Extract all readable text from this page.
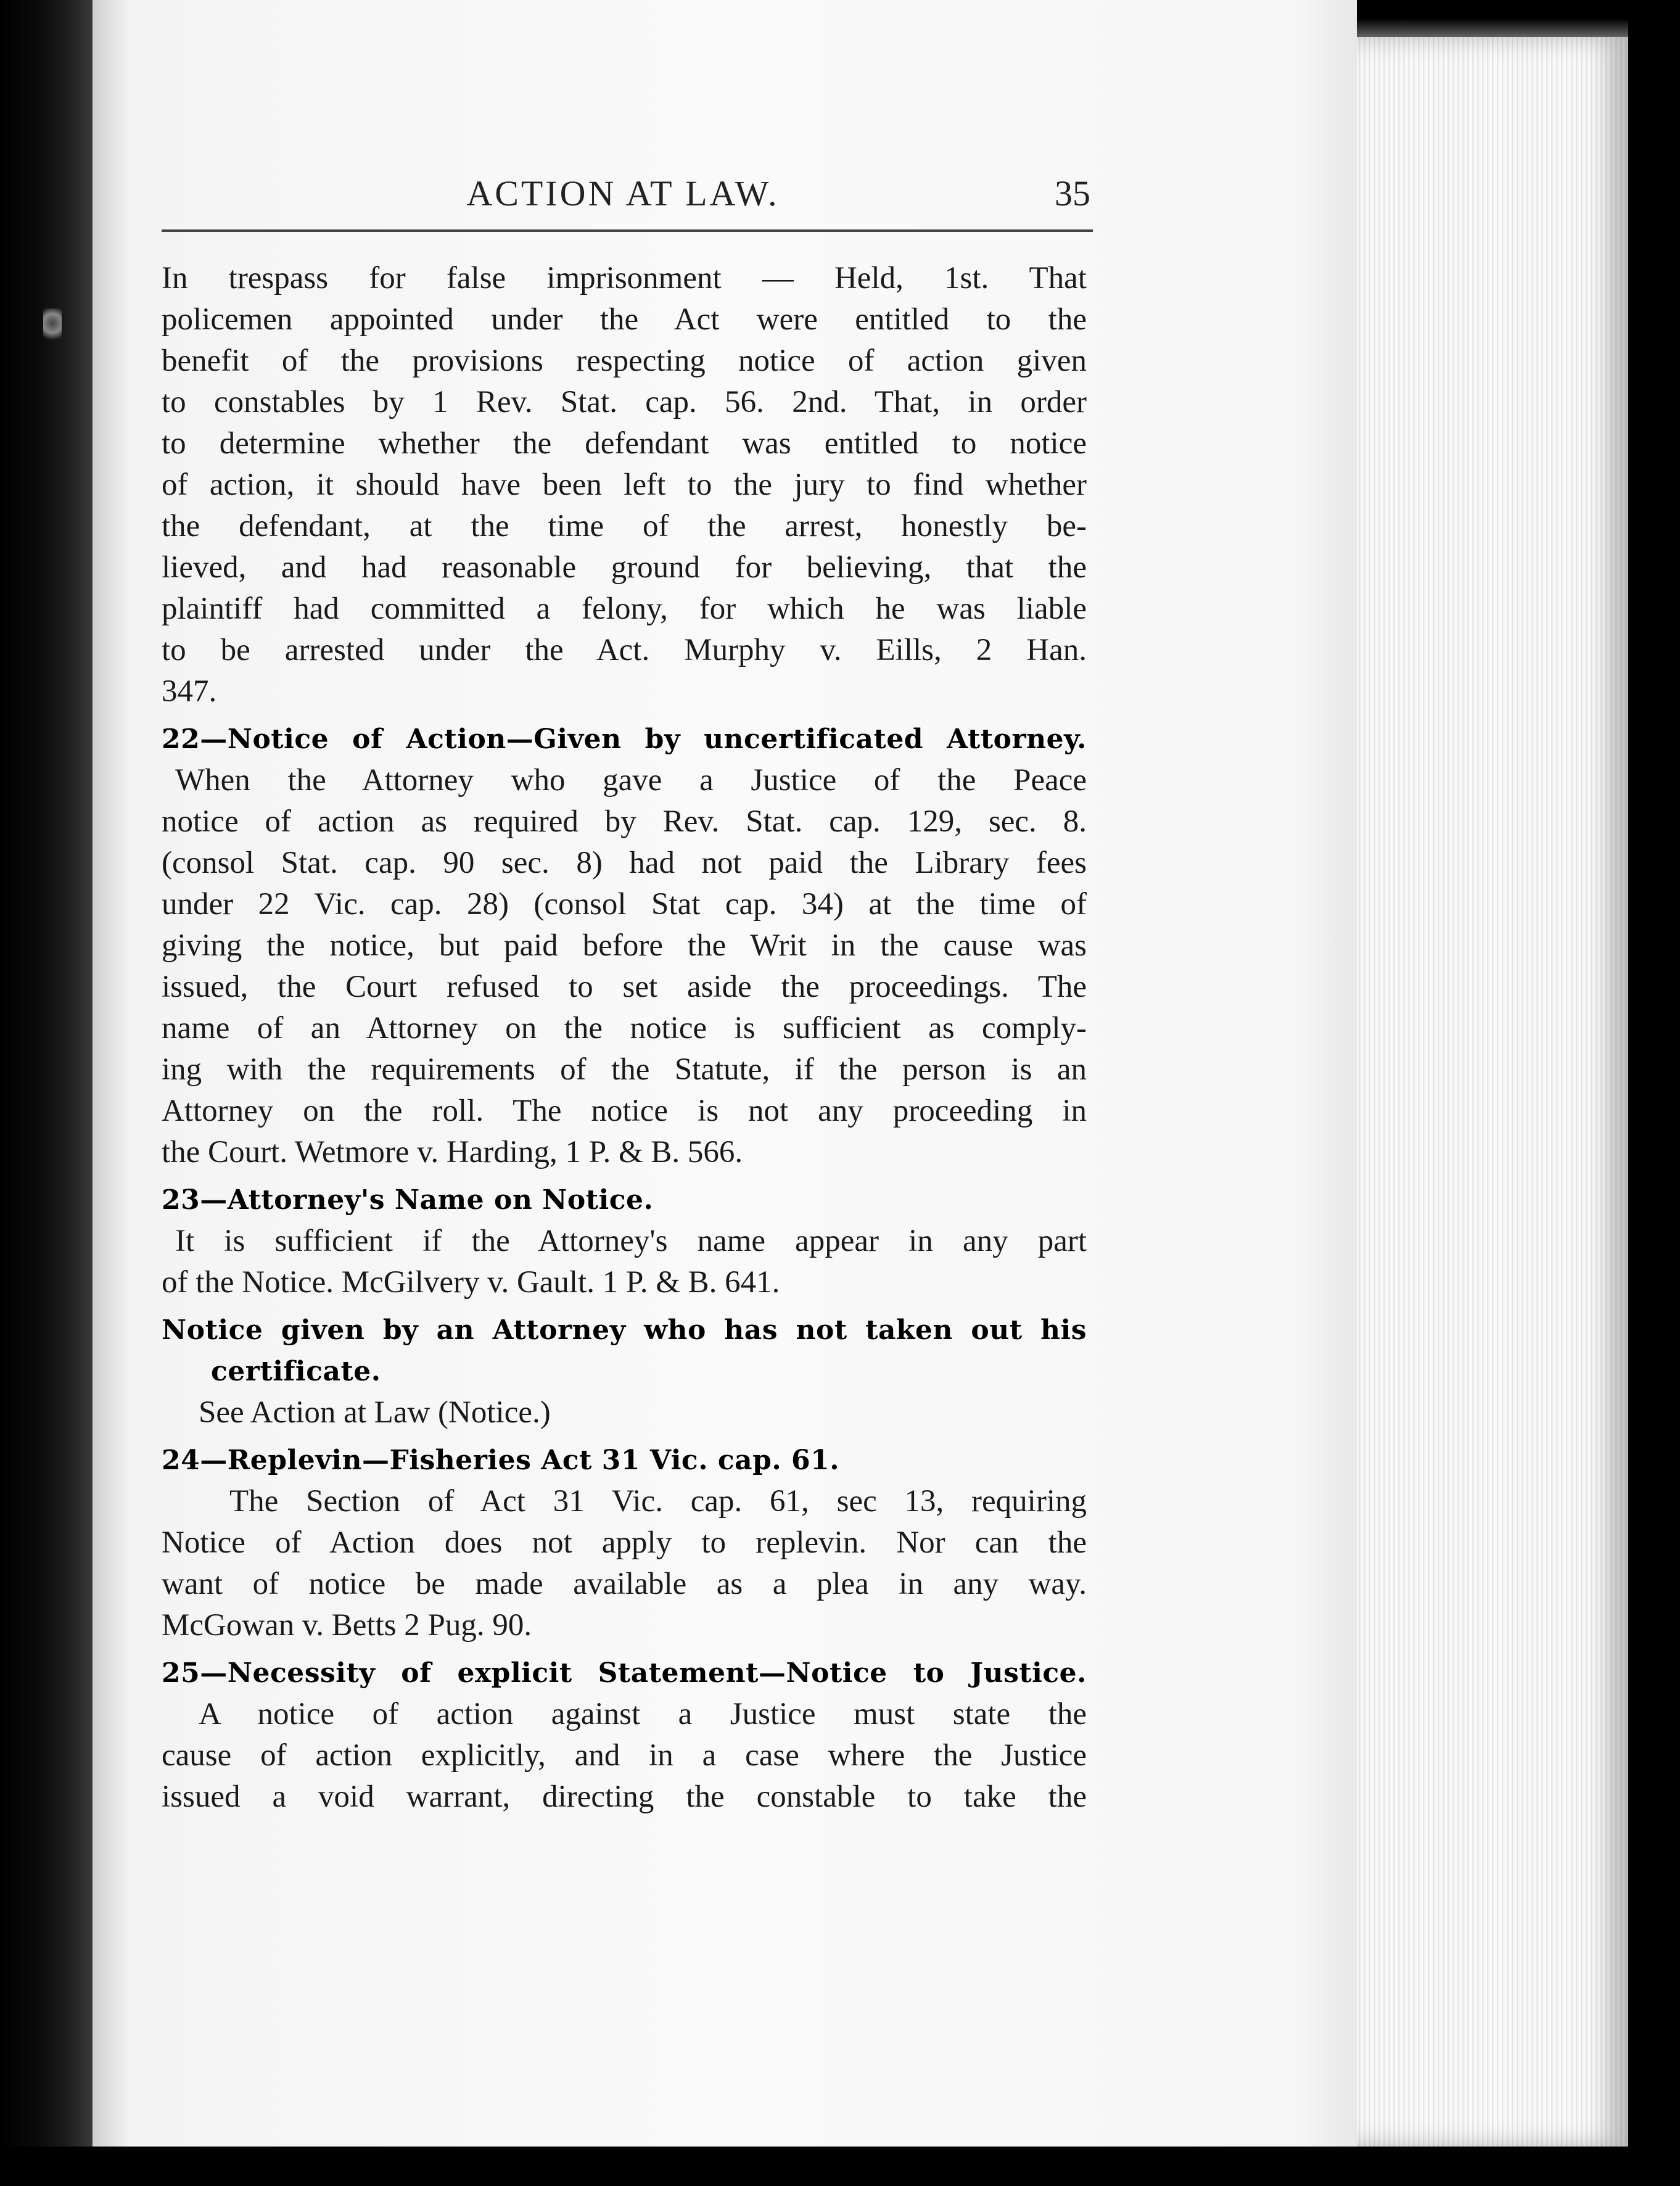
ACTION AT LAW.	35
In trespass for false imprisonment — Held, 1st. That
policemen appointed under the Act were entitled to the
benefit of the provisions respecting notice of action given
to constables by 1 Rev. Stat. cap. 56. 2nd. That, in order
to determine whether the defendant was entitled to notice
of action, it should have been left to the jury to find whether
the defendant, at the time of the arrest, honestly be-
lieved, and had reasonable ground for believing, that the
plaintiff had committed a felony, for which he was liable
to be arrested under the Act. Murphy v. Eills, 2 Han.
347.
22—Notice of Action—Given by uncertificated Attorney.
When the Attorney who gave a Justice of the Peace
notice of action as required by Rev. Stat. cap. 129, sec. 8.
(consol Stat. cap. 90 sec. 8) had not paid the Library fees
under 22 Vic. cap. 28) (consol Stat cap. 34) at the time of
giving the notice, but paid before the Writ in the cause was
issued, the Court refused to set aside the proceedings. The
name of an Attorney on the notice is sufficient as comply-
ing with the requirements of the Statute, if the person is an
Attorney on the roll. The notice is not any proceeding in
the Court. Wetmore v. Harding, 1 P. & B. 566.
23—Attorney's Name on Notice.
It is sufficient if the Attorney's name appear in any part
of the Notice. McGilvery v. Gault. 1 P. & B. 641.
Notice given by an Attorney who has not taken out his
certificate.
See Action at Law (Notice.)
24—Replevin—Fisheries Act 31 Vic. cap. 61.
The Section of Act 31 Vic. cap. 61, sec 13, requiring
Notice of Action does not apply to replevin. Nor can the
want of notice be made available as a plea in any way.
McGowan v. Betts 2 Pug. 90.
25—Necessity of explicit Statement—Notice to Justice.
A notice of action against a Justice must state the
cause of action explicitly, and in a case where the Justice
issued a void warrant, directing the constable to take the
